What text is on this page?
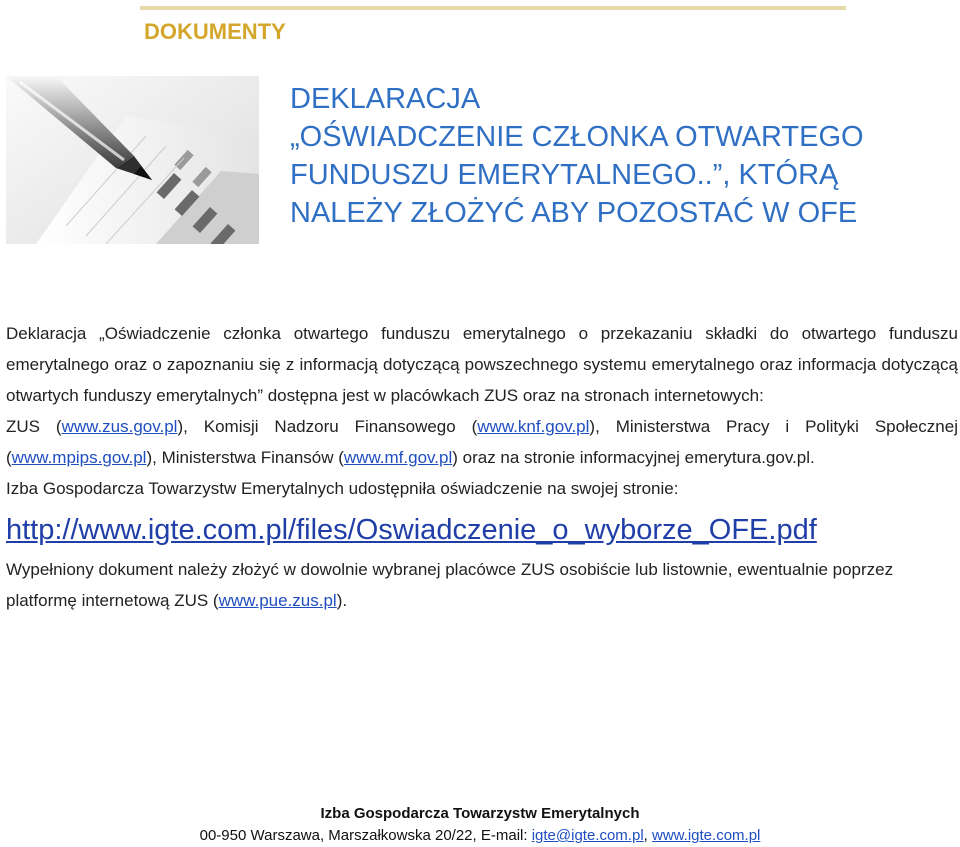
DOKUMENTY
DEKLARACJA
„OŚWIADCZENIE CZŁONKA OTWARTEGO
FUNDUSZU EMERYTALNEGO..”, KTÓRĄ
NALEŻY ZŁOŻYĆ ABY POZOSTAĆ W OFE
Deklaracja „Oświadczenie członka otwartego funduszu emerytalnego o przekazaniu składki do otwartego funduszu emerytalnego oraz o zapoznaniu się z informacją dotyczącą powszechnego systemu emerytalnego oraz informacja dotyczącą otwartych funduszy emerytalnych” dostępna jest w placówkach ZUS oraz na stronach internetowych:
ZUS (www.zus.gov.pl), Komisji Nadzoru Finansowego (www.knf.gov.pl), Ministerstwa Pracy i Polityki Społecznej (www.mpips.gov.pl), Ministerstwa Finansów (www.mf.gov.pl) oraz na stronie informacyjnej emerytura.gov.pl.
Izba Gospodarcza Towarzystw Emerytalnych udostępniła oświadczenie na swojej stronie:
http://www.igte.com.pl/files/Oswiadczenie_o_wyborze_OFE.pdf
Wypełniony dokument należy złożyć w dowolnie wybranej placówce ZUS osobiście lub listownie, ewentualnie poprzez platformę internetową ZUS (www.pue.zus.pl).
Izba Gospodarcza Towarzystw Emerytalnych
00-950 Warszawa, Marszałkowska 20/22, E-mail: igte@igte.com.pl, www.igte.com.pl
